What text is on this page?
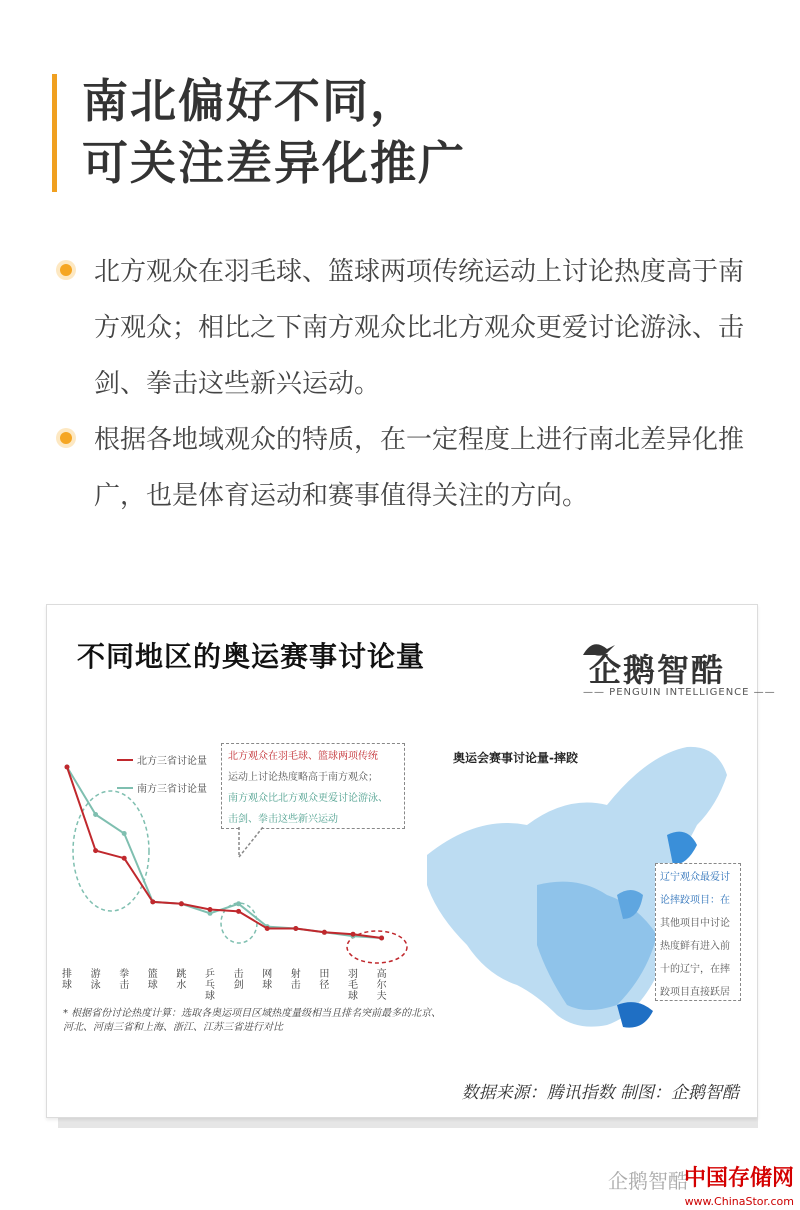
南北偏好不同，
可关注差异化推广
北方观众在羽毛球、篮球两项传统运动上讨论热度高于南方观众；相比之下南方观众比北方观众更爱讨论游泳、击剑、拳击这些新兴运动。
根据各地域观众的特质，在一定程度上进行南北差异化推广，也是体育运动和赛事值得关注的方向。
不同地区的奥运赛事讨论量	企鹅智酷
—— PENGUIN INTELLIGENCE ——
北方三省讨论量
南方三省讨论量
排球
游泳
拳击
篮球
跳水
乒乓球
击剑
网球
射击
田径
羽毛球
高尔夫
北方观众在羽毛球、篮球两项传统
运动上讨论热度略高于南方观众；
南方观众比北方观众更爱讨论游泳、
击剑、拳击这些新兴运动
奥运会赛事讨论量-摔跤
辽宁观众最爱讨
论摔跤项目：在
其他项目中讨论
热度鲜有进入前
十的辽宁，在摔
跤项目直接跃居
* 根据省份讨论热度计算：选取各奥运项目区域热度量级相当且排名突前最多的北京、河北、河南三省和上海、浙江、江苏三省进行对比
数据来源：腾讯指数 制图：企鹅智酷
企鹅智酷
中国存储网
www.ChinaStor.com
